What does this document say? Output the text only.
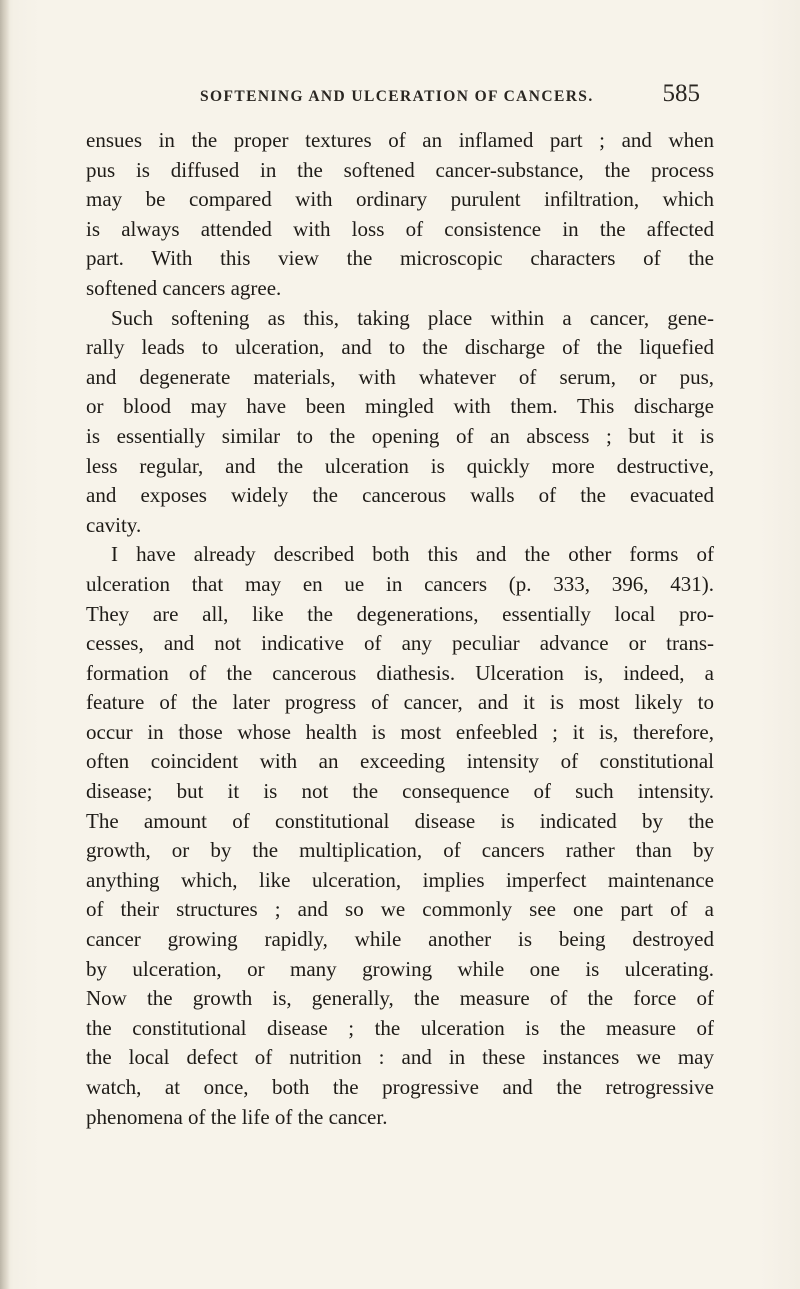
SOFTENING AND ULCERATION OF CANCERS.	585
ensues in the proper textures of an inflamed part ; and when
pus is diffused in the softened cancer-substance, the process
may be compared with ordinary purulent infiltration, which
is always attended with loss of consistence in the affected
part. With this view the microscopic characters of the
softened cancers agree.
Such softening as this, taking place within a cancer, gene-
rally leads to ulceration, and to the discharge of the liquefied
and degenerate materials, with whatever of serum, or pus,
or blood may have been mingled with them. This discharge
is essentially similar to the opening of an abscess ; but it is
less regular, and the ulceration is quickly more destructive,
and exposes widely the cancerous walls of the evacuated
cavity.
I have already described both this and the other forms of
ulceration that may en ue in cancers (p. 333, 396, 431).
They are all, like the degenerations, essentially local pro-
cesses, and not indicative of any peculiar advance or trans-
formation of the cancerous diathesis. Ulceration is, indeed, a
feature of the later progress of cancer, and it is most likely to
occur in those whose health is most enfeebled ; it is, therefore,
often coincident with an exceeding intensity of constitutional
disease; but it is not the consequence of such intensity.
The amount of constitutional disease is indicated by the
growth, or by the multiplication, of cancers rather than by
anything which, like ulceration, implies imperfect maintenance
of their structures ; and so we commonly see one part of a
cancer growing rapidly, while another is being destroyed
by ulceration, or many growing while one is ulcerating.
Now the growth is, generally, the measure of the force of
the constitutional disease ; the ulceration is the measure of
the local defect of nutrition : and in these instances we may
watch, at once, both the progressive and the retrogressive
phenomena of the life of the cancer.
